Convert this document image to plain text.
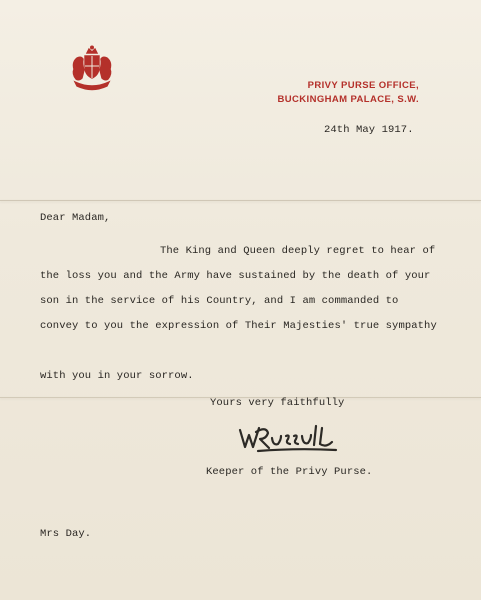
PRIVY PURSE OFFICE,
BUCKINGHAM PALACE, S.W.
24th May 1917.
Dear Madam,
The King and Queen deeply regret to hear of
the loss you and the Army have sustained by the death of your
son in the service of his Country, and I am commanded to
convey to you the expression of Their Majesties' true sympathy
with you in your sorrow.
Yours very faithfully
Keeper of the Privy Purse.
Mrs Day.
